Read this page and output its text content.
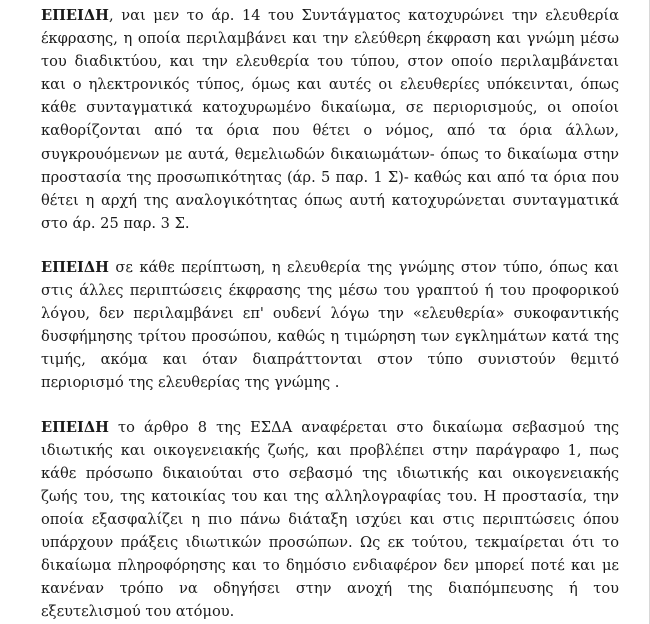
ΕΠΕΙΔΗ, ναι μεν το άρ. 14 του Συντάγματος κατοχυρώνει την ελευθερία έκφρασης, η οποία περιλαμβάνει και την ελεύθερη έκφραση και γνώμη μέσω του διαδικτύου, και την ελευθερία του τύπου, στον οποίο περιλαμβάνεται και ο ηλεκτρονικός τύπος, όμως και αυτές οι ελευθερίες υπόκεινται, όπως κάθε συνταγματικά κατοχυρωμένο δικαίωμα, σε περιορισμούς, οι οποίοι καθορίζονται από τα όρια που θέτει ο νόμος, από τα όρια άλλων, συγκρουόμενων με αυτά, θεμελιωδών δικαιωμάτων- όπως το δικαίωμα στην προστασία της προσωπικότητας (άρ. 5 παρ. 1 Σ)- καθώς και από τα όρια που θέτει η αρχή της αναλογικότητας όπως αυτή κατοχυρώνεται συνταγματικά στο άρ. 25 παρ. 3 Σ.

ΕΠΕΙΔΗ σε κάθε περίπτωση, η ελευθερία της γνώμης στον τύπο, όπως και στις άλλες περιπτώσεις έκφρασης της μέσω του γραπτού ή του προφορικού λόγου, δεν περιλαμβάνει επ' ουδενί λόγω την «ελευθερία» συκοφαντικής δυσφήμησης τρίτου προσώπου, καθώς η τιμώρηση των εγκλημάτων κατά της τιμής, ακόμα και όταν διαπράττονται στον τύπο συνιστούν θεμιτό περιορισμό της ελευθερίας της γνώμης .

ΕΠΕΙΔΗ το άρθρο 8 της ΕΣΔΑ αναφέρεται στο δικαίωμα σεβασμού της ιδιωτικής και οικογενειακής ζωής, και προβλέπει στην παράγραφο 1, πως κάθε πρόσωπο δικαιούται στο σεβασμό της ιδιωτικής και οικογενειακής ζωής του, της κατοικίας του και της αλληλογραφίας του. Η προστασία, την οποία εξασφαλίζει η πιο πάνω διάταξη ισχύει και στις περιπτώσεις όπου υπάρχουν πράξεις ιδιωτικών προσώπων. Ως εκ τούτου, τεκμαίρεται ότι το δικαίωμα πληροφόρησης και το δημόσιο ενδιαφέρον δεν μπορεί ποτέ και με κανέναν τρόπο να οδηγήσει στην ανοχή της διαπόμπευσης ή του εξευτελισμού του ατόμου.
